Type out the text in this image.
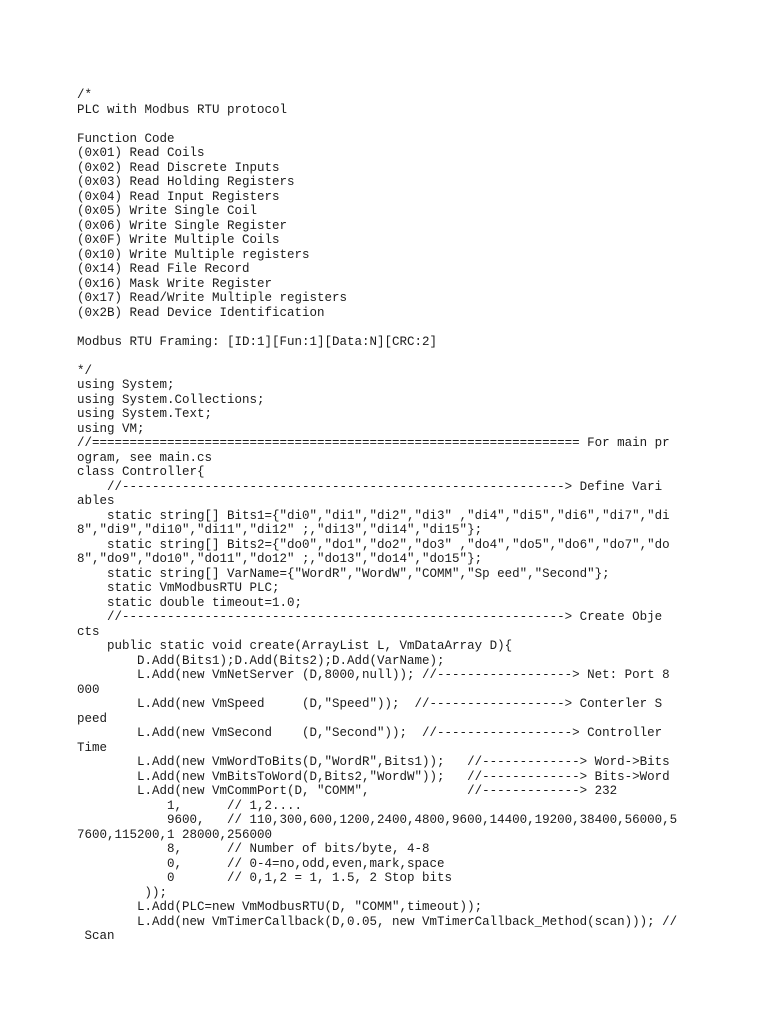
/*
PLC with Modbus RTU protocol
Function Code
(0x01) Read Coils
(0x02) Read Discrete Inputs
(0x03) Read Holding Registers
(0x04) Read Input Registers
(0x05) Write Single Coil
(0x06) Write Single Register
(0x0F) Write Multiple Coils
(0x10) Write Multiple registers
(0x14) Read File Record
(0x16) Mask Write Register
(0x17) Read/Write Multiple registers
(0x2B) Read Device Identification
Modbus RTU Framing: [ID:1][Fun:1][Data:N][CRC:2]
*/
using System;
using System.Collections;
using System.Text;
using VM;
//================================================================= For main pr
ogram, see main.cs
class Controller{
//-----------------------------------------------------------> Define Vari
ables
static string[] Bits1={"di0","di1","di2","di3" ,"di4","di5","di6","di7","di
8","di9","di10","di11","di12" ;,"di13","di14","di15"};
static string[] Bits2={"do0","do1","do2","do3" ,"do4","do5","do6","do7","do
8","do9","do10","do11","do12" ;,"do13","do14","do15"};
static string[] VarName={"WordR","WordW","COMM","Sp eed","Second"};
static VmModbusRTU PLC;
static double timeout=1.0;
//-----------------------------------------------------------> Create Obje
cts
public static void create(ArrayList L, VmDataArray D){
D.Add(Bits1);D.Add(Bits2);D.Add(VarName);
L.Add(new VmNetServer (D,8000,null)); //------------------> Net: Port 8
000
L.Add(new VmSpeed     (D,"Speed"));  //------------------> Conterler S
peed
L.Add(new VmSecond    (D,"Second"));  //------------------> Controller
Time
L.Add(new VmWordToBits(D,"WordR",Bits1));   //-------------> Word->Bits
L.Add(new VmBitsToWord(D,Bits2,"WordW"));   //-------------> Bits->Word
L.Add(new VmCommPort(D, "COMM",             //-------------> 232
1,      // 1,2....
9600,   // 110,300,600,1200,2400,4800,9600,14400,19200,38400,56000,5
7600,115200,1 28000,256000
8,      // Number of bits/byte, 4-8
0,      // 0-4=no,odd,even,mark,space
0       // 0,1,2 = 1, 1.5, 2 Stop bits
));
L.Add(PLC=new VmModbusRTU(D, "COMM",timeout));
L.Add(new VmTimerCallback(D,0.05, new VmTimerCallback_Method(scan))); //
Scan
